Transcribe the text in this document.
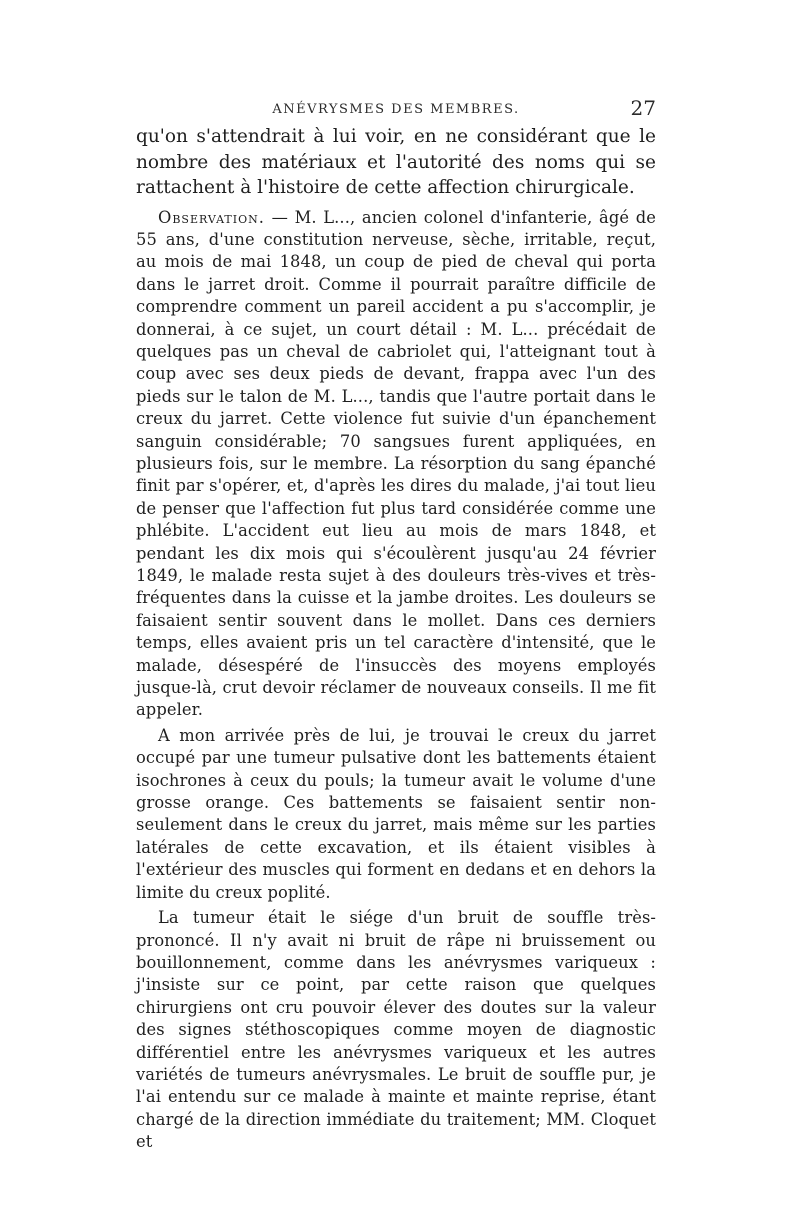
ANÉVRYSMES DES MEMBRES.	27

qu'on s'attendrait à lui voir, en ne considérant que le nombre des matériaux et l'autorité des noms qui se rattachent à l'histoire de cette affection chirurgicale.

Observation. — M. L..., ancien colonel d'infanterie, âgé de 55 ans, d'une constitution nerveuse, sèche, irritable, reçut, au mois de mai 1848, un coup de pied de cheval qui porta dans le jarret droit. Comme il pourrait paraître difficile de comprendre comment un pareil accident a pu s'accomplir, je donnerai, à ce sujet, un court détail : M. L... précédait de quelques pas un cheval de cabriolet qui, l'atteignant tout à coup avec ses deux pieds de devant, frappa avec l'un des pieds sur le talon de M. L..., tandis que l'autre portait dans le creux du jarret. Cette violence fut suivie d'un épanchement sanguin considérable; 70 sangsues furent appliquées, en plusieurs fois, sur le membre. La résorption du sang épanché finit par s'opérer, et, d'après les dires du malade, j'ai tout lieu de penser que l'affection fut plus tard considérée comme une phlébite. L'accident eut lieu au mois de mars 1848, et pendant les dix mois qui s'écoulèrent jusqu'au 24 février 1849, le malade resta sujet à des douleurs très-vives et très-fréquentes dans la cuisse et la jambe droites. Les douleurs se faisaient sentir souvent dans le mollet. Dans ces derniers temps, elles avaient pris un tel caractère d'intensité, que le malade, désespéré de l'insuccès des moyens employés jusque-là, crut devoir réclamer de nouveaux conseils. Il me fit appeler.

A mon arrivée près de lui, je trouvai le creux du jarret occupé par une tumeur pulsative dont les battements étaient isochrones à ceux du pouls; la tumeur avait le volume d'une grosse orange. Ces battements se faisaient sentir non-seulement dans le creux du jarret, mais même sur les parties latérales de cette excavation, et ils étaient visibles à l'extérieur des muscles qui forment en dedans et en dehors la limite du creux poplité.

La tumeur était le siége d'un bruit de souffle très-prononcé. Il n'y avait ni bruit de râpe ni bruissement ou bouillonnement, comme dans les anévrysmes variqueux : j'insiste sur ce point, par cette raison que quelques chirurgiens ont cru pouvoir élever des doutes sur la valeur des signes stéthoscopiques comme moyen de diagnostic différentiel entre les anévrysmes variqueux et les autres variétés de tumeurs anévrysmales. Le bruit de souffle pur, je l'ai entendu sur ce malade à mainte et mainte reprise, étant chargé de la direction immédiate du traitement; MM. Cloquet et
